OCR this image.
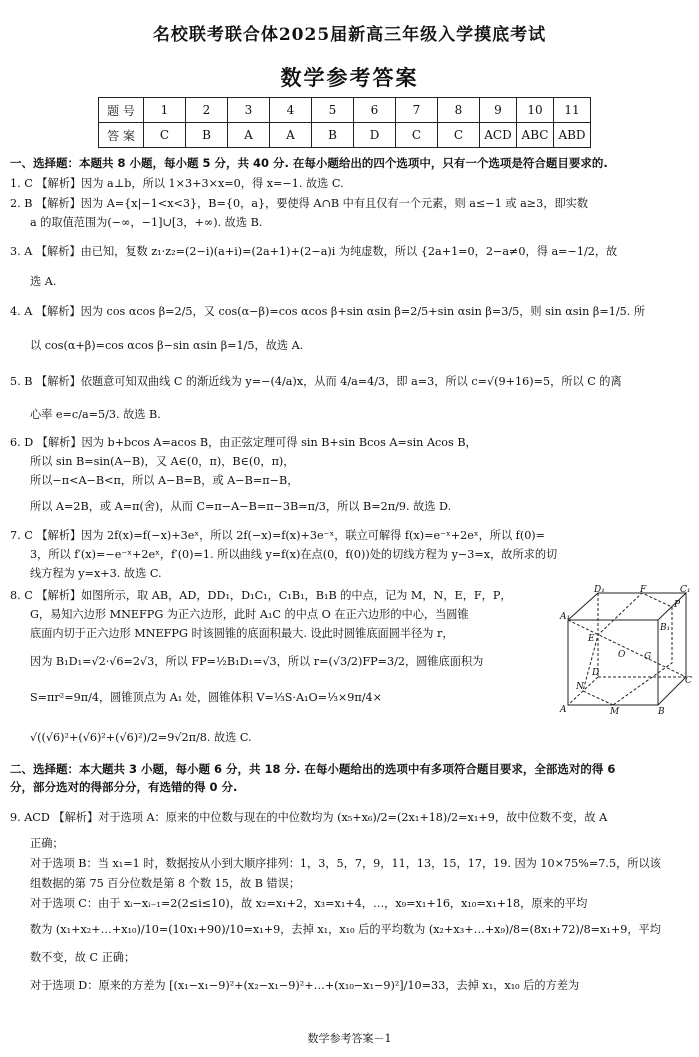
名校联考联合体2025届新高三年级入学摸底考试
数学参考答案
题 号	1	2	3	4	5	6	7	8	9	10	11
答 案	C	B	A	A	B	D	C	C	ACD	ABC	ABD
一、选择题：本题共 8 小题，每小题 5 分，共 40 分. 在每小题给出的四个选项中，只有一个选项是符合题目要求的.
1. C 【解析】因为 a⊥b，所以 1×3+3×x=0，得 x=−1. 故选 C.
2. B 【解析】因为 A={x|−1<x<3}，B={0，a}，要使得 A∩B 中有且仅有一个元素，则 a≤−1 或 a≥3，即实数
a 的取值范围为(−∞，−1]∪[3，+∞). 故选 B.
3. A 【解析】由已知，复数 z₁·z₂=(2−i)(a+i)=(2a+1)+(2−a)i 为纯虚数，所以 {2a+1=0，2−a≠0，得 a=−1/2，故
选 A.
4. A 【解析】因为 cos αcos β=2/5，又 cos(α−β)=cos αcos β+sin αsin β=2/5+sin αsin β=3/5，则 sin αsin β=1/5. 所
以 cos(α+β)=cos αcos β−sin αsin β=1/5，故选 A.
5. B 【解析】依题意可知双曲线 C 的渐近线为 y=−(4/a)x，从而 4/a=4/3，即 a=3，所以 c=√(9+16)=5，所以 C 的离
心率 e=c/a=5/3. 故选 B.
6. D 【解析】因为 b+bcos A=acos B，由正弦定理可得 sin B+sin Bcos A=sin Acos B，
所以 sin B=sin(A−B)，又 A∈(0，π)，B∈(0，π)，
所以−π<A−B<π，所以 A−B=B，或 A−B=π−B，
所以 A=2B，或 A=π(舍)，从而 C=π−A−B=π−3B=π/3，所以 B=2π/9. 故选 D.
7. C 【解析】因为 2f(x)=f(−x)+3eˣ，所以 2f(−x)=f(x)+3e⁻ˣ，联立可解得 f(x)=e⁻ˣ+2eˣ，所以 f(0)=
3，所以 f′(x)=−e⁻ˣ+2eˣ，f′(0)=1. 所以曲线 y=f(x)在点(0，f(0))处的切线方程为 y−3=x，故所求的切
线方程为 y=x+3. 故选 C.
8. C 【解析】如图所示，取 AB，AD，DD₁，D₁C₁，C₁B₁，B₁B 的中点，记为 M，N，E，F，P，
G，易知六边形 MNEFPG 为正六边形，此时 A₁C 的中点 O 在正六边形的中心，当圆锥
底面内切于正六边形 MNEFPG 时该圆锥的底面积最大. 设此时圆锥底面圆半径为 r，
因为 B₁D₁=√2·√6=2√3，所以 FP=½B₁D₁=√3，所以 r=(√3/2)FP=3/2，圆锥底面积为
S=πr²=9π/4，圆锥顶点为 A₁ 处，圆锥体积 V=⅓S·A₁O=⅓×9π/4×
√((√6)²+(√6)²+(√6)²)/2=9√2π/8. 故选 C.
D₁	F	C₁
A₁
P
B₁
E
O G
D
N
C
A	M	B
二、选择题：本大题共 3 小题，每小题 6 分，共 18 分. 在每小题给出的选项中有多项符合题目要求，全部选对的得 6
分，部分选对的得部分分，有选错的得 0 分.
9. ACD 【解析】对于选项 A：原来的中位数与现在的中位数均为 (x₅+x₆)/2=(2x₁+18)/2=x₁+9，故中位数不变，故 A
正确；
对于选项 B：当 x₁=1 时，数据按从小到大顺序排列：1，3，5，7，9，11，13，15，17，19. 因为 10×75%=7.5，所以该
组数据的第 75 百分位数是第 8 个数 15，故 B 错误；
对于选项 C：由于 xᵢ−xᵢ₋₁=2(2≤i≤10)，故 x₂=x₁+2，x₃=x₁+4，…，x₉=x₁+16，x₁₀=x₁+18，原来的平均
数为 (x₁+x₂+…+x₁₀)/10=(10x₁+90)/10=x₁+9，去掉 x₁，x₁₀ 后的平均数为 (x₂+x₃+…+x₉)/8=(8x₁+72)/8=x₁+9，平均
数不变，故 C 正确；
对于选项 D：原来的方差为 [(x₁−x₁−9)²+(x₂−x₁−9)²+…+(x₁₀−x₁−9)²]/10=33，去掉 x₁，x₁₀ 后的方差为
数学参考答案－1
